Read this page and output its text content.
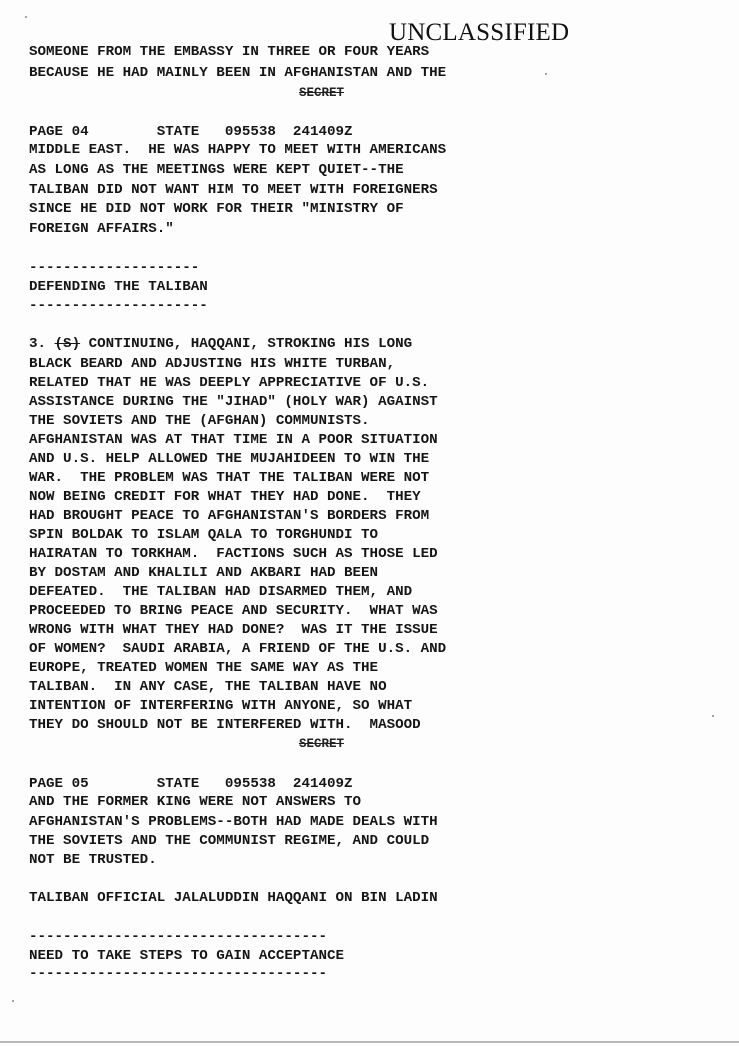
UNCLASSIFIED
SOMEONE FROM THE EMBASSY IN THREE OR FOUR YEARS
BECAUSE HE HAD MAINLY BEEN IN AFGHANISTAN AND THE
SECRET
PAGE 04        STATE   095538  241409Z
MIDDLE EAST.  HE WAS HAPPY TO MEET WITH AMERICANS
AS LONG AS THE MEETINGS WERE KEPT QUIET--THE
TALIBAN DID NOT WANT HIM TO MEET WITH FOREIGNERS
SINCE HE DID NOT WORK FOR THEIR "MINISTRY OF
FOREIGN AFFAIRS."
--------------------
DEFENDING THE TALIBAN
---------------------
3. (S) CONTINUING, HAQQANI, STROKING HIS LONG
BLACK BEARD AND ADJUSTING HIS WHITE TURBAN,
RELATED THAT HE WAS DEEPLY APPRECIATIVE OF U.S.
ASSISTANCE DURING THE "JIHAD" (HOLY WAR) AGAINST
THE SOVIETS AND THE (AFGHAN) COMMUNISTS.
AFGHANISTAN WAS AT THAT TIME IN A POOR SITUATION
AND U.S. HELP ALLOWED THE MUJAHIDEEN TO WIN THE
WAR.  THE PROBLEM WAS THAT THE TALIBAN WERE NOT
NOW BEING CREDIT FOR WHAT THEY HAD DONE.  THEY
HAD BROUGHT PEACE TO AFGHANISTAN'S BORDERS FROM
SPIN BOLDAK TO ISLAM QALA TO TORGHUNDI TO
HAIRATAN TO TORKHAM.  FACTIONS SUCH AS THOSE LED
BY DOSTAM AND KHALILI AND AKBARI HAD BEEN
DEFEATED.  THE TALIBAN HAD DISARMED THEM, AND
PROCEEDED TO BRING PEACE AND SECURITY.  WHAT WAS
WRONG WITH WHAT THEY HAD DONE?  WAS IT THE ISSUE
OF WOMEN?  SAUDI ARABIA, A FRIEND OF THE U.S. AND
EUROPE, TREATED WOMEN THE SAME WAY AS THE
TALIBAN.  IN ANY CASE, THE TALIBAN HAVE NO
INTENTION OF INTERFERING WITH ANYONE, SO WHAT
THEY DO SHOULD NOT BE INTERFERED WITH.  MASOOD
SECRET
PAGE 05        STATE   095538  241409Z
AND THE FORMER KING WERE NOT ANSWERS TO
AFGHANISTAN'S PROBLEMS--BOTH HAD MADE DEALS WITH
THE SOVIETS AND THE COMMUNIST REGIME, AND COULD
NOT BE TRUSTED.
TALIBAN OFFICIAL JALALUDDIN HAQQANI ON BIN LADIN
-----------------------------------
NEED TO TAKE STEPS TO GAIN ACCEPTANCE
-----------------------------------
